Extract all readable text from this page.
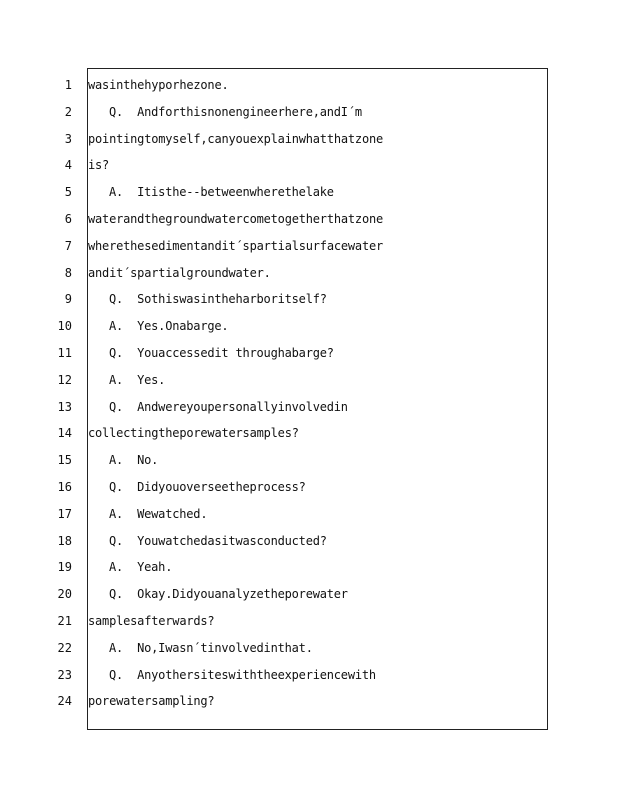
1 wasinthehyporhezone.
2	Q.  Andforthisnonengineerhere,andI´m
3 pointingtomyself,canyouexplainwhatthatzone
4 is?
5	A.  Itisthe--betweenwherethelake
6 waterandthegroundwatercometogetherthatzone
7 wherethesedimentandit´spartialsurfacewater
8 andit´spartialgroundwater.
9	Q.  Sothiswasintheharboritself?
10	A.  Yes.Onabarge.
11	Q.  Youaccessedit throughabarge?
12	A.  Yes.
13	Q.  Andwereyoupersonallyinvolvedin
14 collectingtheporewatersamples?
15	A.  No.
16	Q.  Didyouoverseetheprocess?
17	A.  Wewatched.
18	Q.  Youwatchedasitwasconducted?
19	A.  Yeah.
20	Q.  Okay.Didyouanalyzetheporewater
21 samplesafterwards?
22	A.  No,Iwasn´tinvolvedinthat.
23	Q.  Anyothersiteswiththeexperiencewith
24 porewatersampling?
